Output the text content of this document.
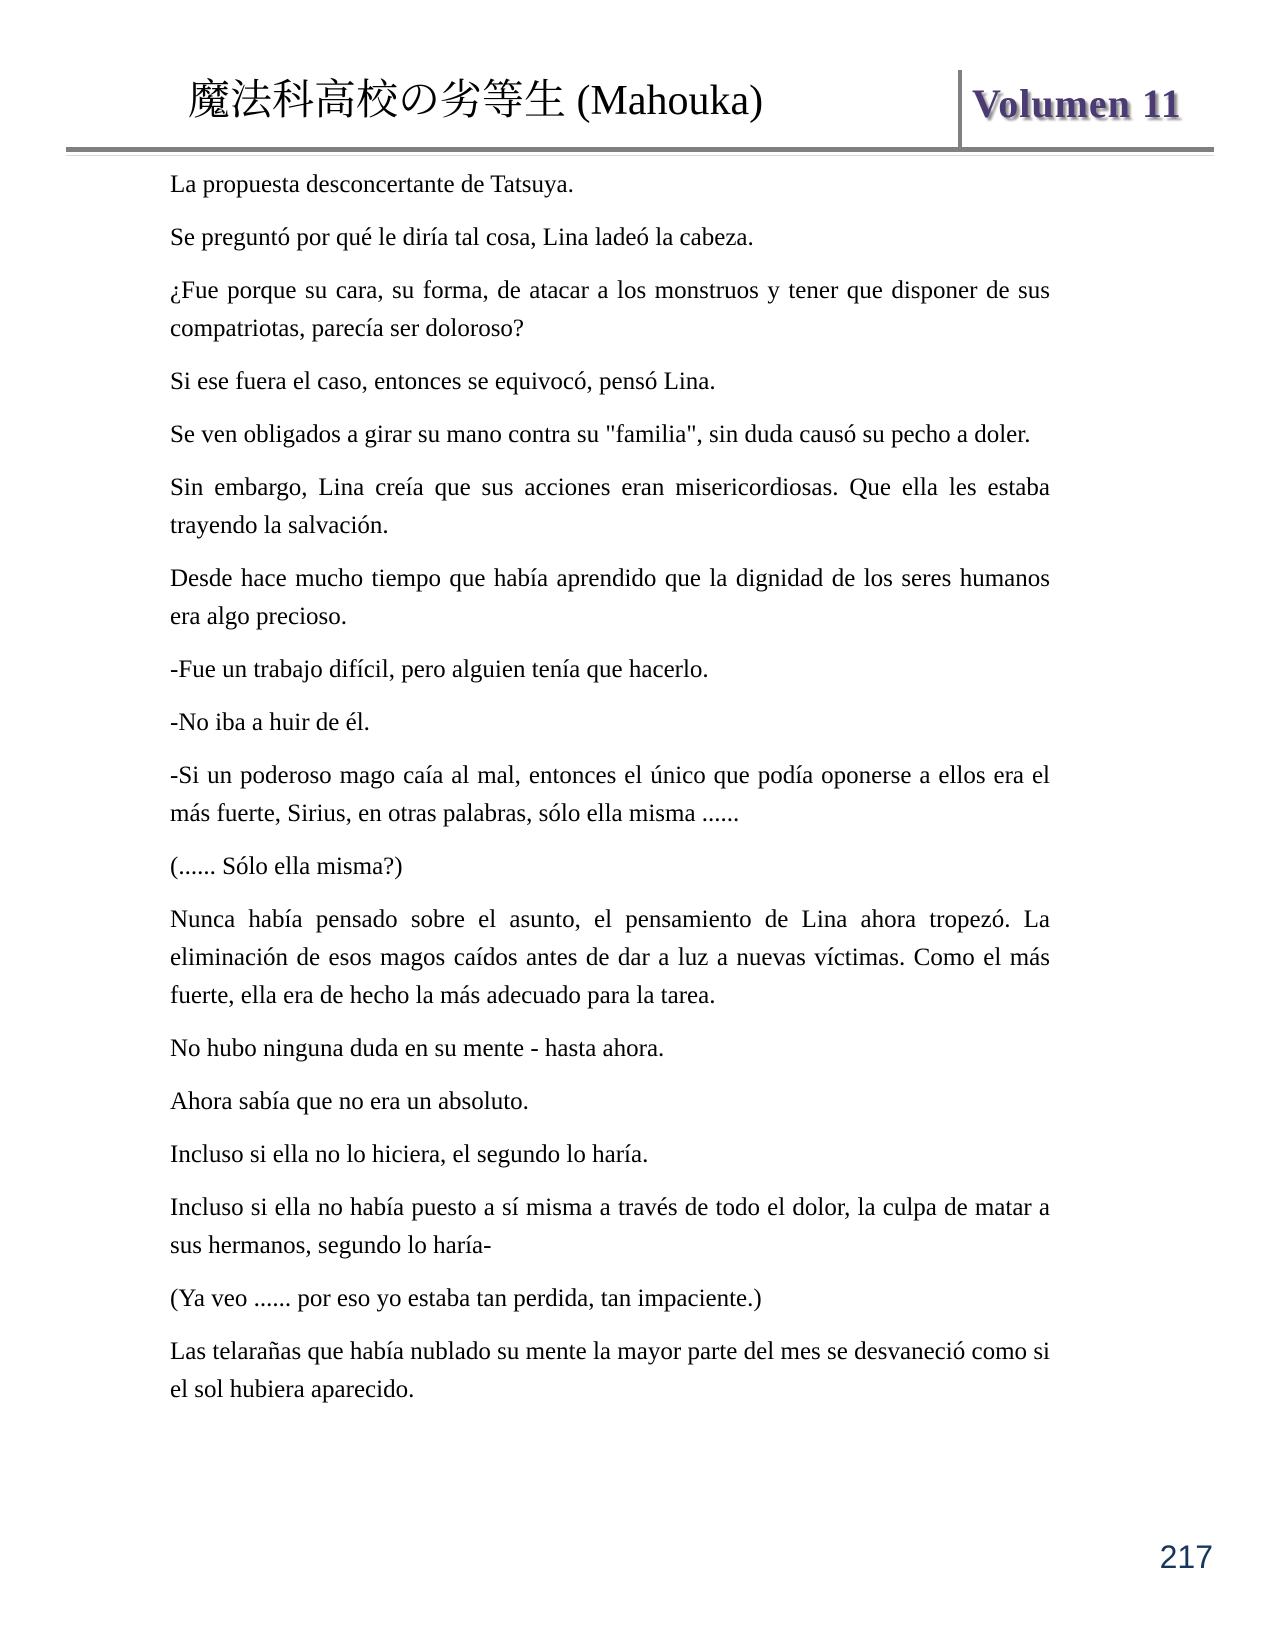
魔法科高校の劣等生 (Mahouka)	Volumen 11

La propuesta desconcertante de Tatsuya.

Se preguntó por qué le diría tal cosa, Lina ladeó la cabeza.

¿Fue porque su cara, su forma, de atacar a los monstruos y tener que disponer de sus compatriotas, parecía ser doloroso?

Si ese fuera el caso, entonces se equivocó, pensó Lina.

Se ven obligados a girar su mano contra su "familia", sin duda causó su pecho a doler.

Sin embargo, Lina creía que sus acciones eran misericordiosas. Que ella les estaba trayendo la salvación.

Desde hace mucho tiempo que había aprendido que la dignidad de los seres humanos era algo precioso.

-Fue un trabajo difícil, pero alguien tenía que hacerlo.

-No iba a huir de él.

-Si un poderoso mago caía al mal, entonces el único que podía oponerse a ellos era el más fuerte, Sirius, en otras palabras, sólo ella misma ......

(...... Sólo ella misma?)

Nunca había pensado sobre el asunto, el pensamiento de Lina ahora tropezó. La eliminación de esos magos caídos antes de dar a luz a nuevas víctimas. Como el más fuerte, ella era de hecho la más adecuado para la tarea.

No hubo ninguna duda en su mente - hasta ahora.

Ahora sabía que no era un absoluto.

Incluso si ella no lo hiciera, el segundo lo haría.

Incluso si ella no había puesto a sí misma a través de todo el dolor, la culpa de matar a sus hermanos, segundo lo haría-

(Ya veo ...... por eso yo estaba tan perdida, tan impaciente.)

Las telarañas que había nublado su mente la mayor parte del mes se desvaneció como si el sol hubiera aparecido.

217
